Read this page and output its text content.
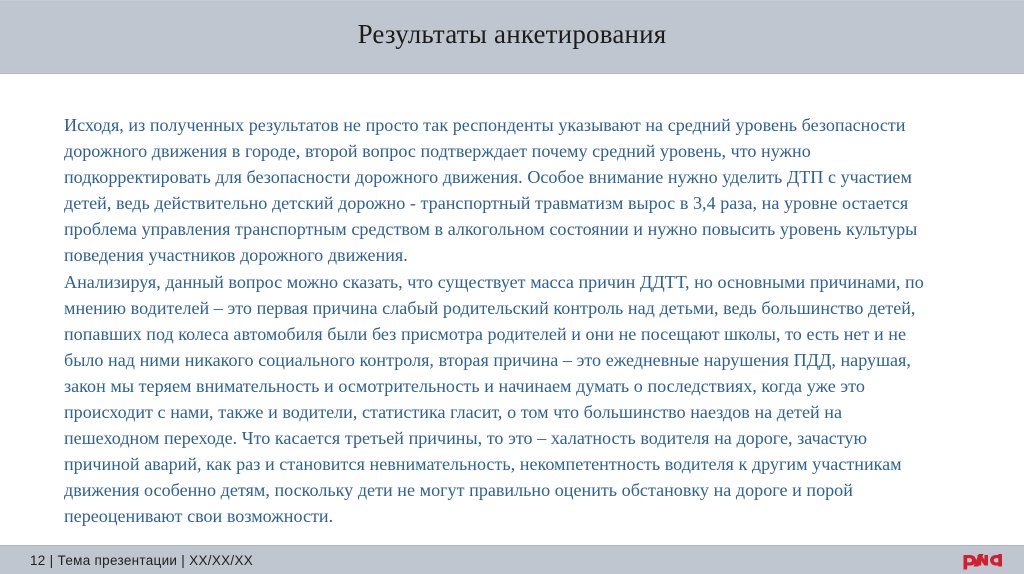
Результаты анкетирования

Исходя, из полученных результатов не просто так респонденты указывают на средний уровень безопасности дорожного движения в городе, второй вопрос подтверждает почему средний уровень, что нужно подкорректировать для безопасности дорожного движения. Особое внимание нужно уделить ДТП с участием детей, ведь действительно детский дорожно - транспортный травматизм вырос в 3,4 раза, на уровне остается проблема управления транспортным средством в алкогольном состоянии и нужно повысить уровень культуры поведения участников дорожного движения.

Анализируя, данный вопрос можно сказать, что существует масса причин ДДТТ, но основными причинами, по мнению водителей – это первая причина слабый родительский контроль над детьми, ведь большинство детей, попавших под колеса автомобиля были без присмотра родителей и они не посещают школы, то есть нет и не было над ними никакого социального контроля, вторая причина – это ежедневные нарушения ПДД, нарушая, закон мы теряем внимательность и осмотрительность и начинаем думать о последствиях, когда уже это происходит с нами, также и водители, статистика гласит, о том что большинство наездов на детей на пешеходном переходе. Что касается третьей причины, то это – халатность водителя на дороге, зачастую причиной аварий, как раз и становится невнимательность, некомпетентность водителя к другим участникам движения особенно детям, поскольку дети не могут правильно оценить обстановку на дороге и порой переоценивают свои возможности.

12 | Тема презентации | XX/XX/XX
